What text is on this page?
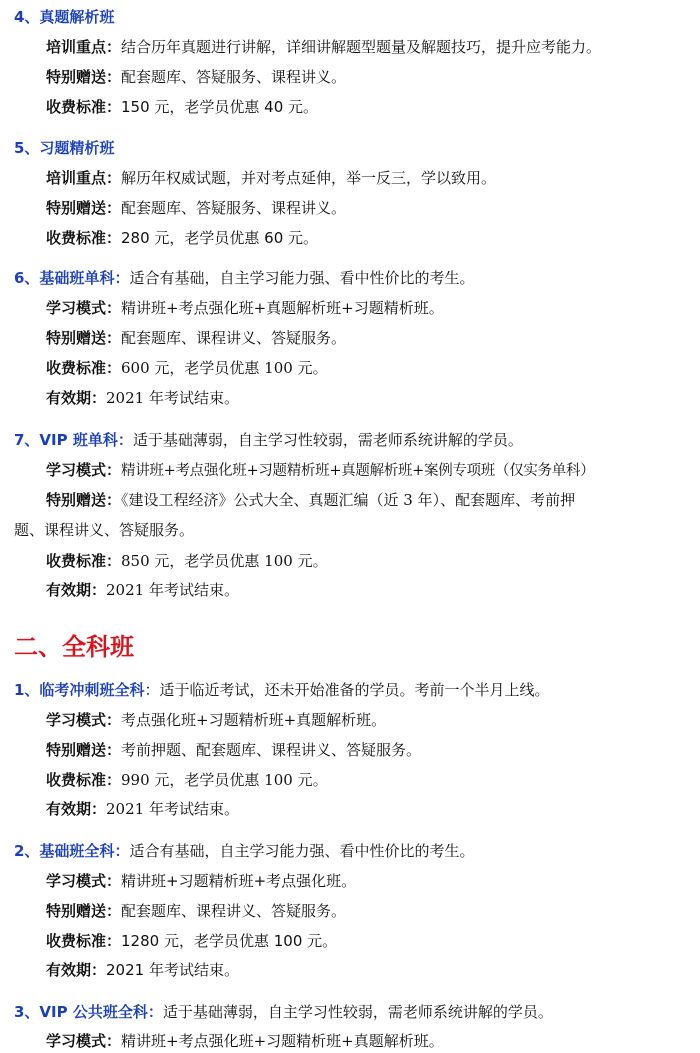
4、真题解析班
培训重点：结合历年真题进行讲解，详细讲解题型题量及解题技巧，提升应考能力。
特别赠送：配套题库、答疑服务、课程讲义。
收费标准：150 元，老学员优惠 40 元。
5、习题精析班
培训重点：解历年权威试题，并对考点延伸，举一反三，学以致用。
特别赠送：配套题库、答疑服务、课程讲义。
收费标准：280 元，老学员优惠 60 元。
6、基础班单科：适合有基础，自主学习能力强、看中性价比的考生。
学习模式：精讲班+考点强化班+真题解析班+习题精析班。
特别赠送：配套题库、课程讲义、答疑服务。
收费标准：600 元，老学员优惠 100 元。
有效期：2021 年考试结束。
7、VIP 班单科：适于基础薄弱，自主学习性较弱，需老师系统讲解的学员。
学习模式：精讲班+考点强化班+习题精析班+真题解析班+案例专项班（仅实务单科）
特别赠送：《建设工程经济》公式大全、真题汇编（近 3 年）、配套题库、考前押
题、课程讲义、答疑服务。
收费标准：850 元，老学员优惠 100 元。
有效期：2021 年考试结束。
二、全科班
1、临考冲刺班全科：适于临近考试，还未开始准备的学员。考前一个半月上线。
学习模式：考点强化班+习题精析班+真题解析班。
特别赠送：考前押题、配套题库、课程讲义、答疑服务。
收费标准：990 元，老学员优惠 100 元。
有效期：2021 年考试结束。
2、基础班全科：适合有基础，自主学习能力强、看中性价比的考生。
学习模式：精讲班+习题精析班+考点强化班。
特别赠送：配套题库、课程讲义、答疑服务。
收费标准：1280 元，老学员优惠 100 元。
有效期：2021 年考试结束。
3、VIP 公共班全科：适于基础薄弱，自主学习性较弱，需老师系统讲解的学员。
学习模式：精讲班+考点强化班+习题精析班+真题解析班。
